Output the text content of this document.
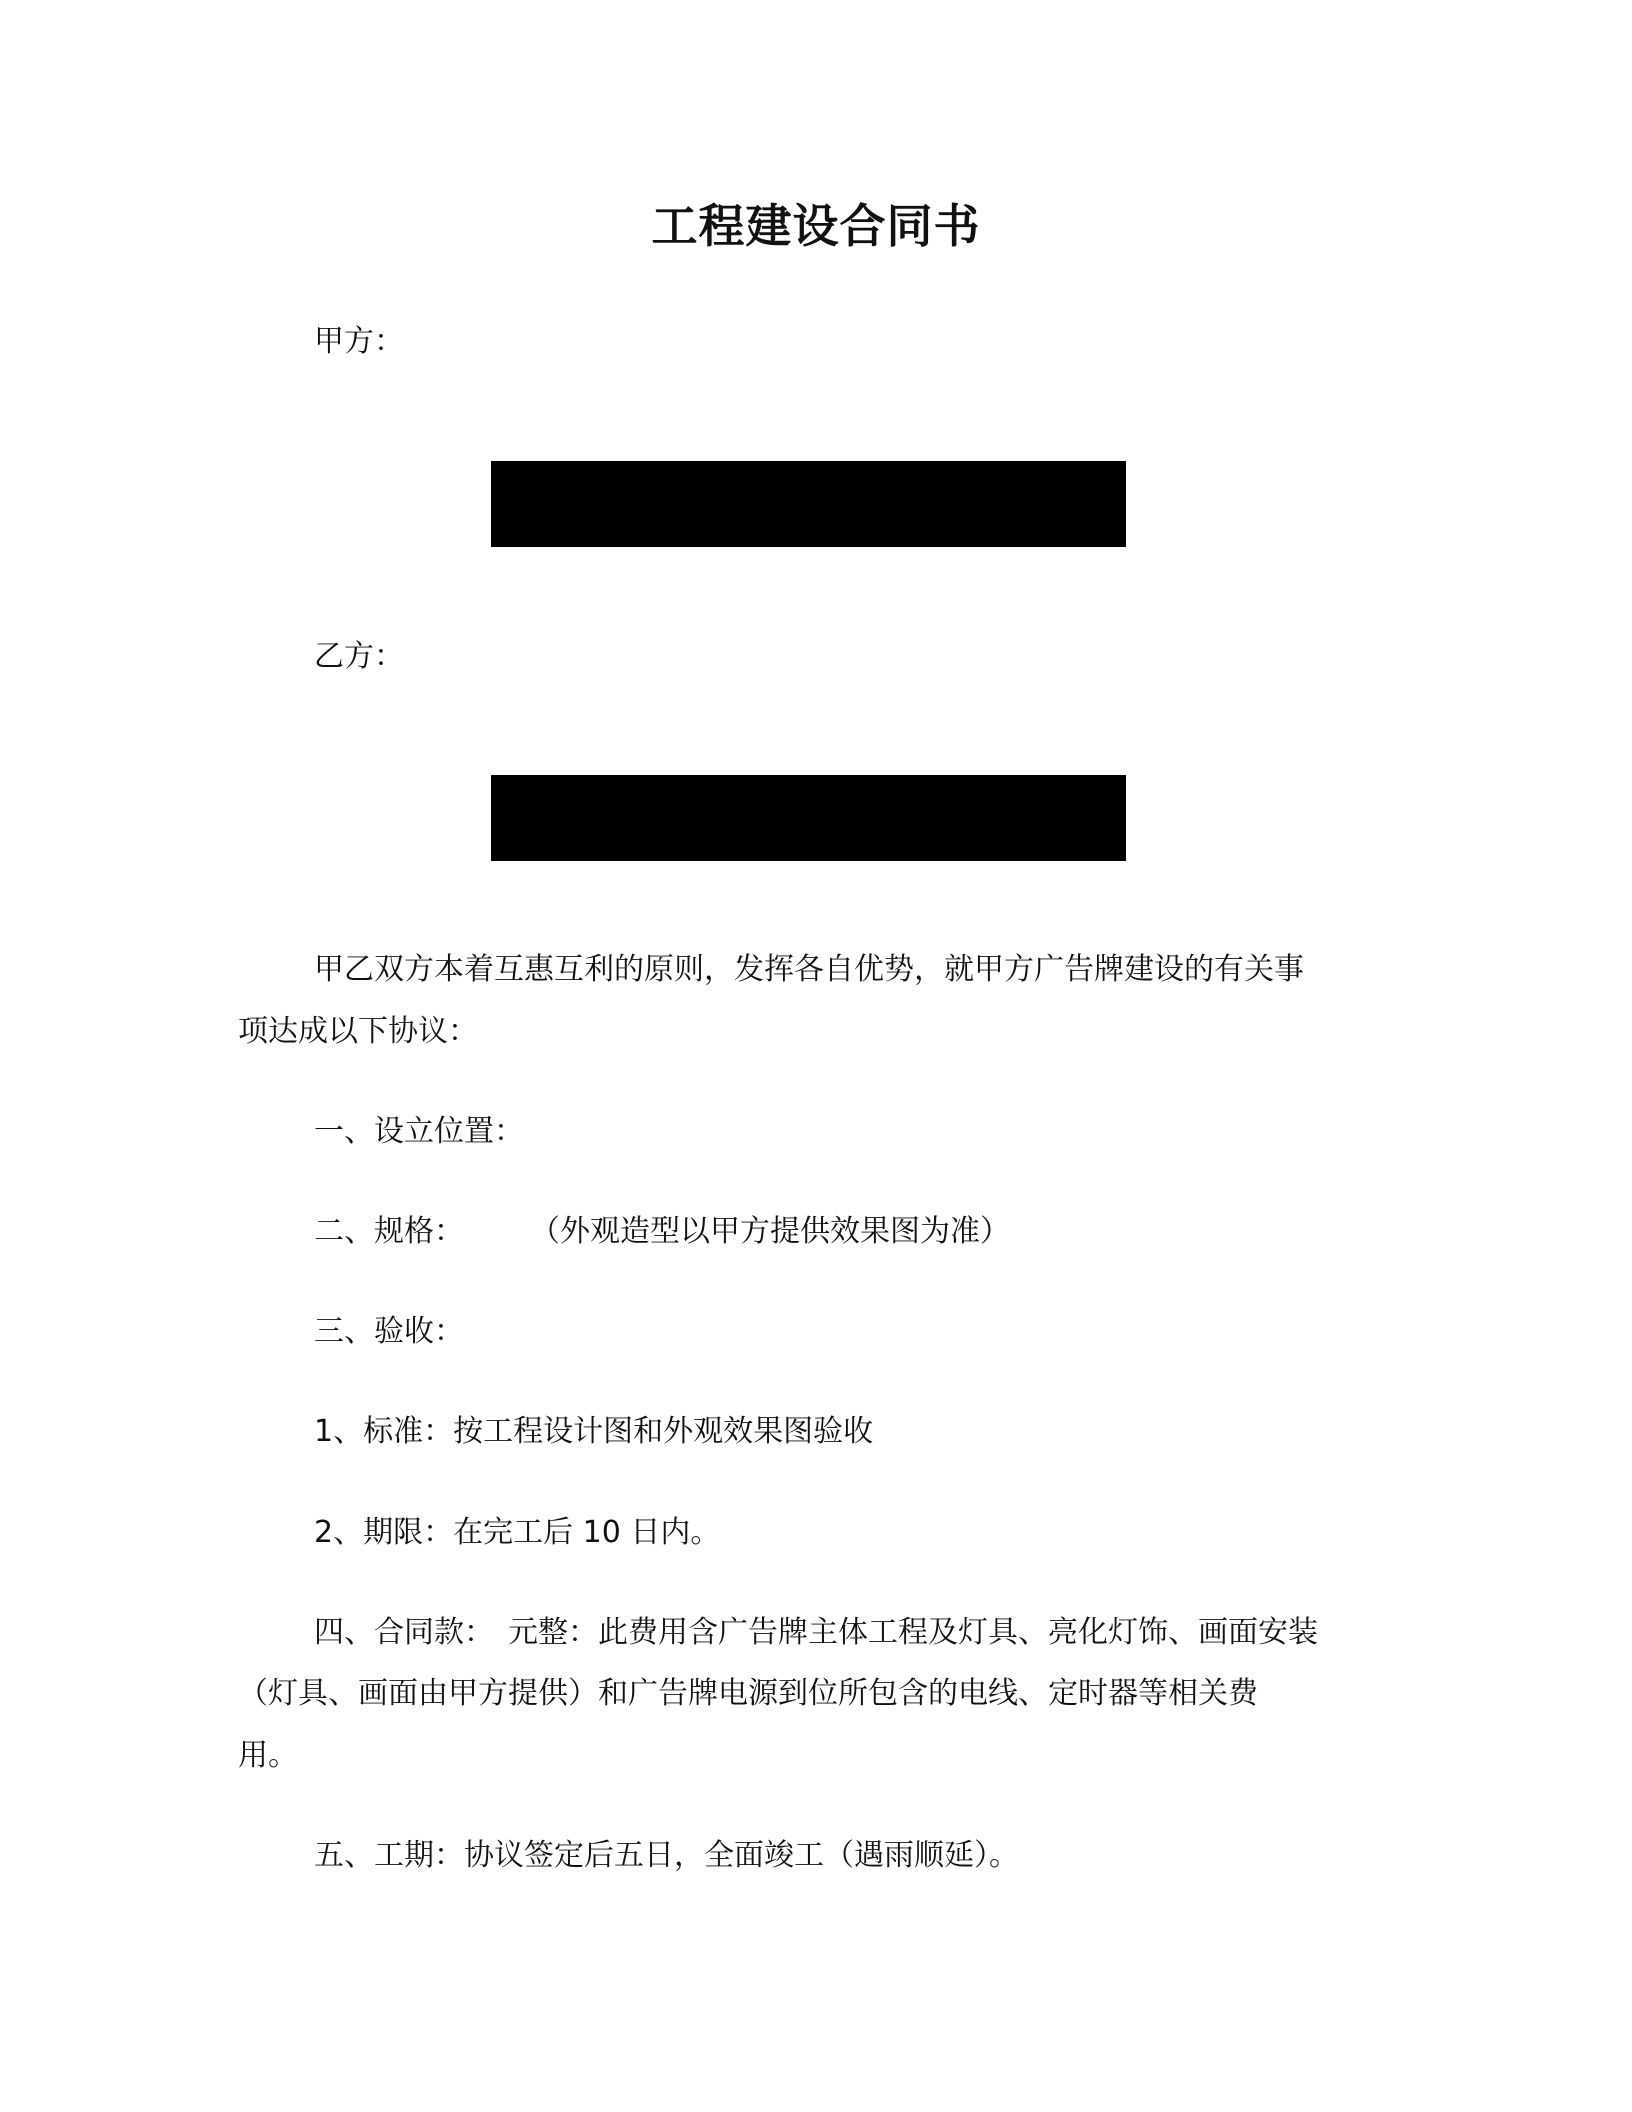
工程建设合同书
甲方：
乙方：
甲乙双方本着互惠互利的原则，发挥各自优势，就甲方广告牌建设的有关事
项达成以下协议：
一、设立位置：
二、规格： （外观造型以甲方提供效果图为准）
三、验收：
1、标准：按工程设计图和外观效果图验收
2、期限：在完工后 10 日内。
四、合同款： 元整：此费用含广告牌主体工程及灯具、亮化灯饰、画面安装
（灯具、画面由甲方提供）和广告牌电源到位所包含的电线、定时器等相关费
用。
五、工期：协议签定后五日，全面竣工（遇雨顺延）。
